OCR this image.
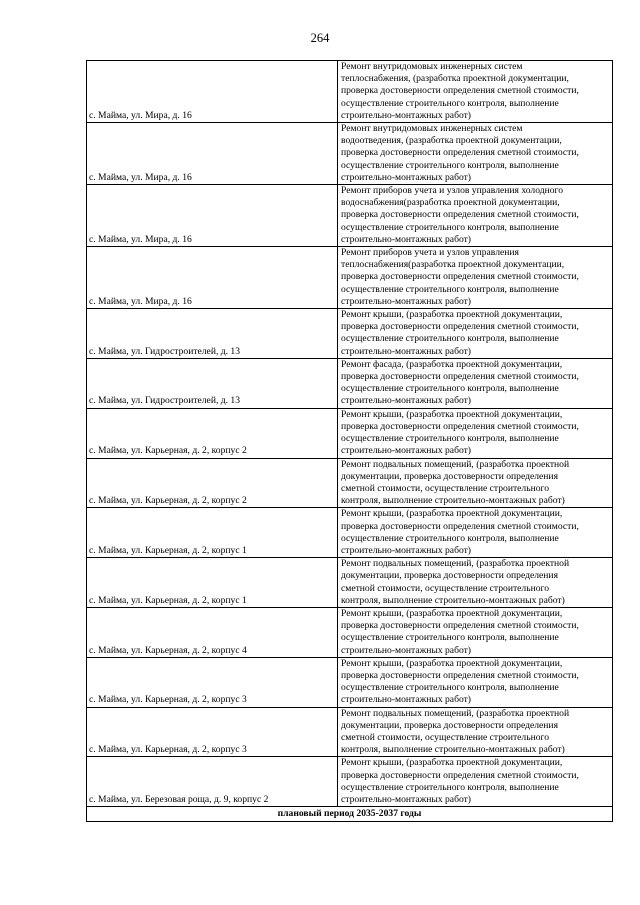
264
с. Майма, ул. Мира, д. 16	Ремонт внутридомовых инженерных систем
теплоснабжения, (разработка проектной документации,
проверка достоверности определения сметной стоимости,
осуществление строительного контроля, выполнение
строительно-монтажных работ)

с. Майма, ул. Мира, д. 16	Ремонт внутридомовых инженерных систем
водоотведения, (разработка проектной документации,
проверка достоверности определения сметной стоимости,
осуществление строительного контроля, выполнение
строительно-монтажных работ)

с. Майма, ул. Мира, д. 16	Ремонт приборов учета и узлов управления холодного
водоснабжения(разработка проектной документации,
проверка достоверности определения сметной стоимости,
осуществление строительного контроля, выполнение
строительно-монтажных работ)

с. Майма, ул. Мира, д. 16	Ремонт приборов учета и узлов управления
теплоснабжения(разработка проектной документации,
проверка достоверности определения сметной стоимости,
осуществление строительного контроля, выполнение
строительно-монтажных работ)

с. Майма, ул. Гидростроителей, д. 13	Ремонт крыши, (разработка проектной документации,
проверка достоверности определения сметной стоимости,
осуществление строительного контроля, выполнение
строительно-монтажных работ)

с. Майма, ул. Гидростроителей, д. 13	Ремонт фасада, (разработка проектной документации,
проверка достоверности определения сметной стоимости,
осуществление строительного контроля, выполнение
строительно-монтажных работ)

с. Майма, ул. Карьерная, д. 2, корпус 2	Ремонт крыши, (разработка проектной документации,
проверка достоверности определения сметной стоимости,
осуществление строительного контроля, выполнение
строительно-монтажных работ)

с. Майма, ул. Карьерная, д. 2, корпус 2	Ремонт подвальных помещений, (разработка проектной
документации, проверка достоверности определения
сметной стоимости, осуществление строительного
контроля, выполнение строительно-монтажных работ)

с. Майма, ул. Карьерная, д. 2, корпус 1	Ремонт крыши, (разработка проектной документации,
проверка достоверности определения сметной стоимости,
осуществление строительного контроля, выполнение
строительно-монтажных работ)

с. Майма, ул. Карьерная, д. 2, корпус 1	Ремонт подвальных помещений, (разработка проектной
документации, проверка достоверности определения
сметной стоимости, осуществление строительного
контроля, выполнение строительно-монтажных работ)

с. Майма, ул. Карьерная, д. 2, корпус 4	Ремонт крыши, (разработка проектной документации,
проверка достоверности определения сметной стоимости,
осуществление строительного контроля, выполнение
строительно-монтажных работ)

с. Майма, ул. Карьерная, д. 2, корпус 3	Ремонт крыши, (разработка проектной документации,
проверка достоверности определения сметной стоимости,
осуществление строительного контроля, выполнение
строительно-монтажных работ)

с. Майма, ул. Карьерная, д. 2, корпус 3	Ремонт подвальных помещений, (разработка проектной
документации, проверка достоверности определения
сметной стоимости, осуществление строительного
контроля, выполнение строительно-монтажных работ)

с. Майма, ул. Березовая роща, д. 9, корпус 2	Ремонт крыши, (разработка проектной документации,
проверка достоверности определения сметной стоимости,
осуществление строительного контроля, выполнение
строительно-монтажных работ)

плановый период 2035-2037 годы	
